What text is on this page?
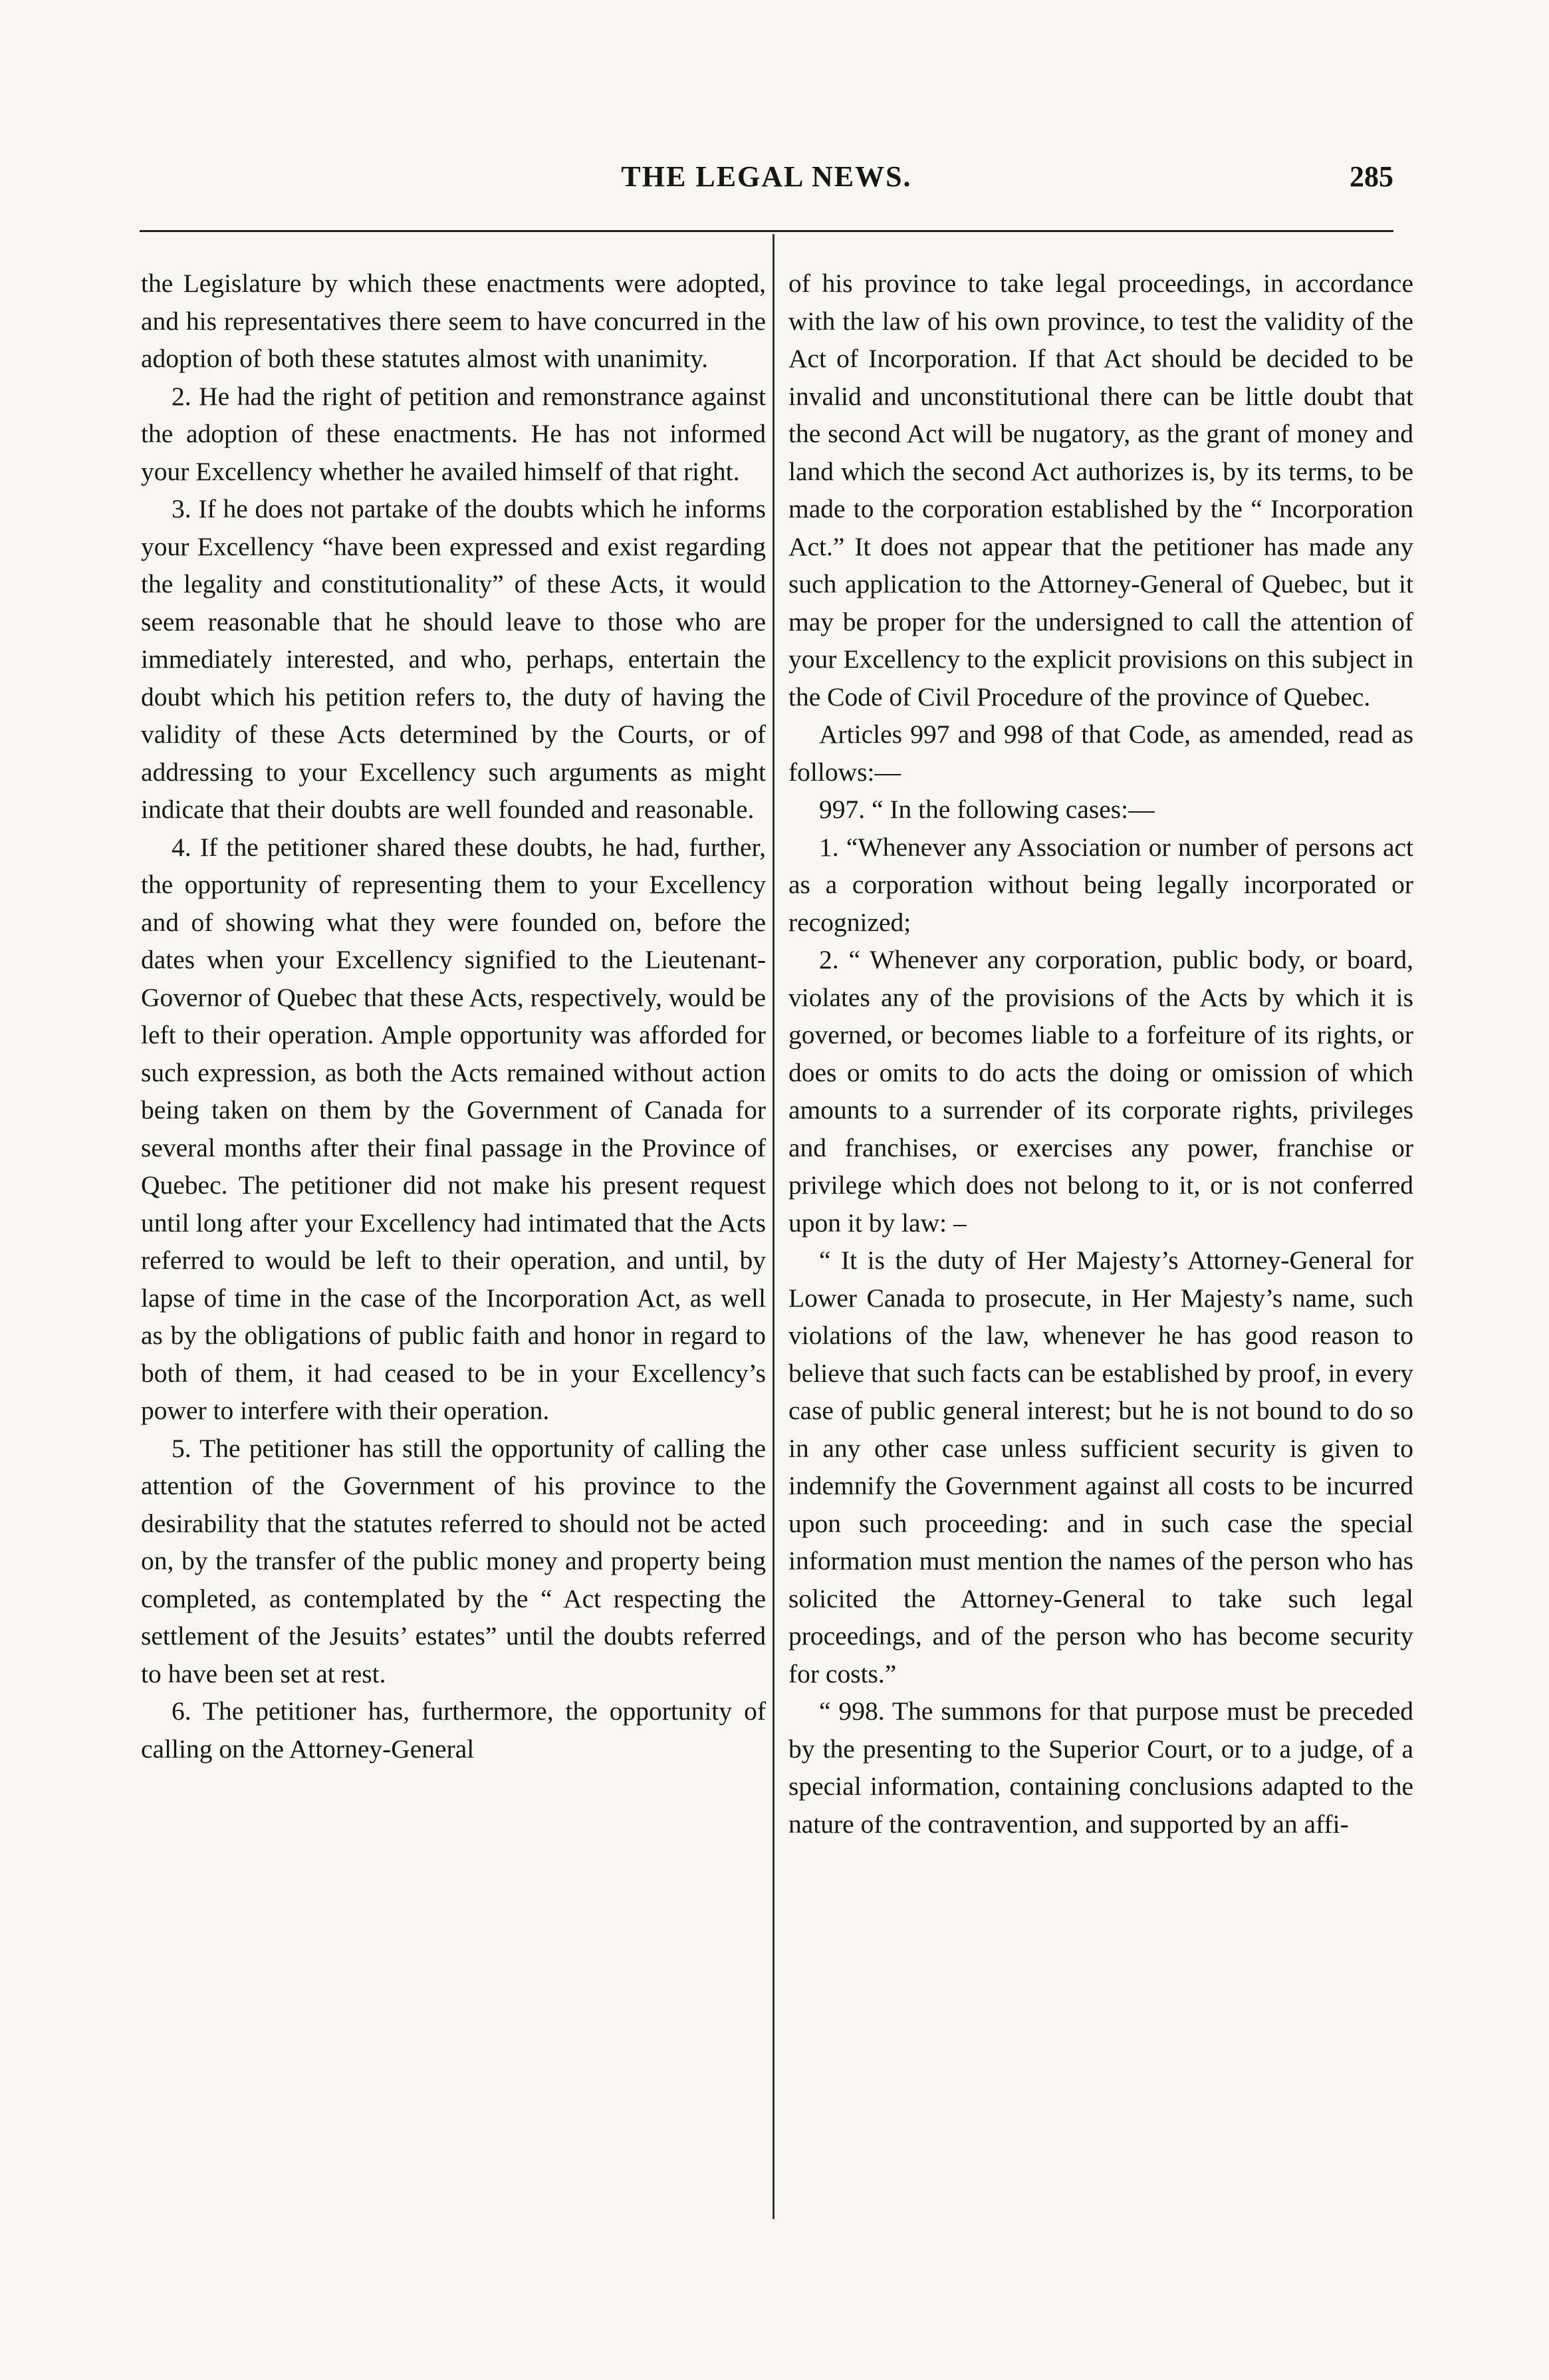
THE LEGAL NEWS.	285

the Legislature by which these enactments were adopted, and his representatives there seem to have concurred in the adoption of both these statutes almost with unanimity.

2. He had the right of petition and remonstrance against the adoption of these enactments. He has not informed your Excellency whether he availed himself of that right.

3. If he does not partake of the doubts which he informs your Excellency “have been expressed and exist regarding the legality and constitutionality” of these Acts, it would seem reasonable that he should leave to those who are immediately interested, and who, perhaps, entertain the doubt which his petition refers to, the duty of having the validity of these Acts determined by the Courts, or of addressing to your Excellency such arguments as might indicate that their doubts are well founded and reasonable.

4. If the petitioner shared these doubts, he had, further, the opportunity of representing them to your Excellency and of showing what they were founded on, before the dates when your Excellency signified to the Lieutenant-Governor of Quebec that these Acts, respectively, would be left to their operation. Ample opportunity was afforded for such expression, as both the Acts remained without action being taken on them by the Government of Canada for several months after their final passage in the Province of Quebec. The petitioner did not make his present request until long after your Excellency had intimated that the Acts referred to would be left to their operation, and until, by lapse of time in the case of the Incorporation Act, as well as by the obligations of public faith and honor in regard to both of them, it had ceased to be in your Excellency’s power to interfere with their operation.

5. The petitioner has still the opportunity of calling the attention of the Government of his province to the desirability that the statutes referred to should not be acted on, by the transfer of the public money and property being completed, as contemplated by the “ Act respecting the settlement of the Jesuits’ estates” until the doubts referred to have been set at rest.

6. The petitioner has, furthermore, the opportunity of calling on the Attorney-General

of his province to take legal proceedings, in accordance with the law of his own province, to test the validity of the Act of Incorporation. If that Act should be decided to be invalid and unconstitutional there can be little doubt that the second Act will be nugatory, as the grant of money and land which the second Act authorizes is, by its terms, to be made to the corporation established by the “ Incorporation Act.” It does not appear that the petitioner has made any such application to the Attorney-General of Quebec, but it may be proper for the undersigned to call the attention of your Excellency to the explicit provisions on this subject in the Code of Civil Procedure of the province of Quebec.

Articles 997 and 998 of that Code, as amended, read as follows:—

997. “ In the following cases:—

1. “Whenever any Association or number of persons act as a corporation without being legally incorporated or recognized;

2. “ Whenever any corporation, public body, or board, violates any of the provisions of the Acts by which it is governed, or becomes liable to a forfeiture of its rights, or does or omits to do acts the doing or omission of which amounts to a surrender of its corporate rights, privileges and franchises, or exercises any power, franchise or privilege which does not belong to it, or is not conferred upon it by law: –

“ It is the duty of Her Majesty’s Attorney-General for Lower Canada to prosecute, in Her Majesty’s name, such violations of the law, whenever he has good reason to believe that such facts can be established by proof, in every case of public general interest; but he is not bound to do so in any other case unless sufficient security is given to indemnify the Government against all costs to be incurred upon such proceeding: and in such case the special information must mention the names of the person who has solicited the Attorney-General to take such legal proceedings, and of the person who has become security for costs.”

“ 998. The summons for that purpose must be preceded by the presenting to the Superior Court, or to a judge, of a special information, containing conclusions adapted to the nature of the contravention, and supported by an affi-
